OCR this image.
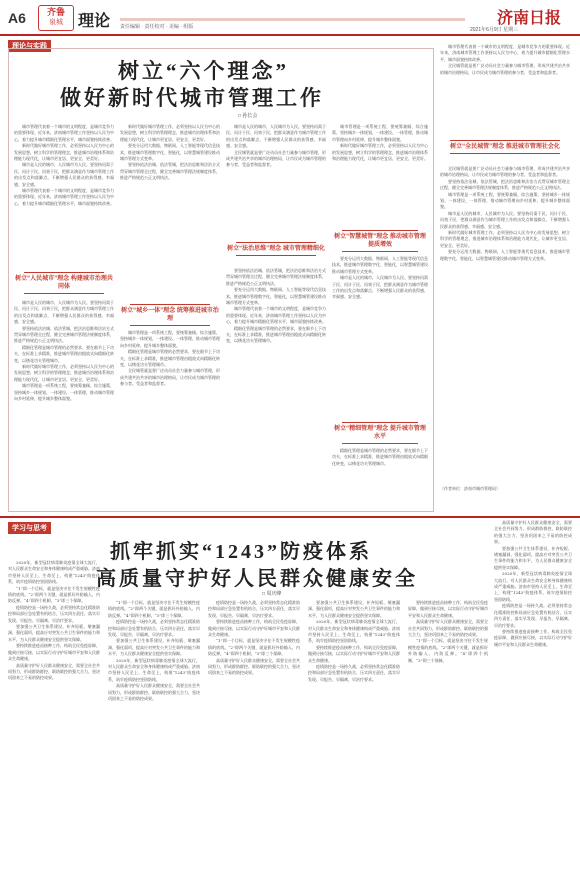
A6	齐鲁
泉城 理论 责任编辑 · 责任校对 · 美编 · 组版	济南日报
2021年6月9日 星期三
理论与实践
树立“六个理念”
做好新时代城市管理工作
□ 孙长会

城市管理代表着一个城市的文明程度，是城市竞争力的重要体现。近年来，济南城市管理工作坚持以人民为中心，着力提升城市精细化管理水平，城市面貌持续改善。

新时代做好城市管理工作，必须坚持以人民为中心的发展思想，树立科学的管理理念，推进城市治理体系和治理能力现代化，让城市更宜居、更安全、更美好。

城市是人民的城市，人民城市为人民。要坚持问需于民、问计于民、问效于民，把群众满意作为城市管理工作的出发点和落脚点，不断增强人民群众的获得感、幸福感、安全感。

城市管理代表着一个城市的文明程度，是城市竞争力的重要体现。近年来，济南城市管理工作坚持以人民为中心，着力提升城市精细化管理水平，城市面貌持续改善。

树立“人民城市”理念 构建城市治理共同体

城市是人民的城市，人民城市为人民。要坚持问需于民、问计于民、问效于民，把群众满意作为城市管理工作的出发点和落脚点，不断增强人民群众的获得感、幸福感、安全感。

要坚持依法治城、依法管城，把法治思维和法治方式贯穿城市管理全过程，健全完善城市管理法规制度体系，推进严格规范公正文明执法。

精细化管理是城市管理的必然要求，要在细节上下功夫，在标准上求精准，推进城市管理由粗放式向精细化转变，以绣花功夫管理城市。

新时代做好城市管理工作，必须坚持以人民为中心的发展思想，树立科学的管理理念，推进城市治理体系和治理能力现代化，让城市更宜居、更安全、更美好。

城市管理是一项系统工程，要统筹兼顾、综合施策，坚持城乡一体规划、一体建设、一体管理，推动城市管理向乡村延伸，提升城乡整体面貌。

新时代做好城市管理工作，必须坚持以人民为中心的发展思想，树立科学的管理理念，推进城市治理体系和治理能力现代化，让城市更宜居、更安全、更美好。

要充分运用大数据、物联网、人工智能等现代信息技术，推进城市管理数字化、智能化，以智慧城管建设推动城市管理方式变革。

要坚持依法治城、依法管城，把法治思维和法治方式贯穿城市管理全过程，健全完善城市管理法规制度体系，推进严格规范公正文明执法。

树立“城乡一体”理念 统筹推进城市治理

城市管理是一项系统工程，要统筹兼顾、综合施策，坚持城乡一体规划、一体建设、一体管理，推动城市管理向乡村延伸，提升城乡整体面貌。

精细化管理是城市管理的必然要求，要在细节上下功夫，在标准上求精准，推进城市管理由粗放式向精细化转变，以绣花功夫管理城市。

全民城管就是要广泛动员社会力量参与城市管理，形成共建共治共享的城市治理格局，让市民成为城市管理的参与者、受益者和监督者。

城市是人民的城市，人民城市为人民。要坚持问需于民、问计于民、问效于民，把群众满意作为城市管理工作的出发点和落脚点，不断增强人民群众的获得感、幸福感、安全感。

全民城管就是要广泛动员社会力量参与城市管理，形成共建共治共享的城市治理格局，让市民成为城市管理的参与者、受益者和监督者。

树立“法治思维”理念 城市管理精细化

要坚持依法治城、依法管城，把法治思维和法治方式贯穿城市管理全过程，健全完善城市管理法规制度体系，推进严格规范公正文明执法。

要充分运用大数据、物联网、人工智能等现代信息技术，推进城市管理数字化、智能化，以智慧城管建设推动城市管理方式变革。

城市管理代表着一个城市的文明程度，是城市竞争力的重要体现。近年来，济南城市管理工作坚持以人民为中心，着力提升城市精细化管理水平，城市面貌持续改善。

精细化管理是城市管理的必然要求，要在细节上下功夫，在标准上求精准，推进城市管理由粗放式向精细化转变，以绣花功夫管理城市。

城市管理是一项系统工程，要统筹兼顾、综合施策，坚持城乡一体规划、一体建设、一体管理，推动城市管理向乡村延伸，提升城乡整体面貌。

新时代做好城市管理工作，必须坚持以人民为中心的发展思想，树立科学的管理理念，推进城市治理体系和治理能力现代化，让城市更宜居、更安全、更美好。

树立“智慧城管”理念 推动城市管理提质增效

要充分运用大数据、物联网、人工智能等现代信息技术，推进城市管理数字化、智能化，以智慧城管建设推动城市管理方式变革。

城市是人民的城市，人民城市为人民。要坚持问需于民、问计于民、问效于民，把群众满意作为城市管理工作的出发点和落脚点，不断增强人民群众的获得感、幸福感、安全感。

树立“精细管理”理念 提升城市管理水平

精细化管理是城市管理的必然要求，要在细节上下功夫，在标准上求精准，推进城市管理由粗放式向精细化转变，以绣花功夫管理城市。

城市管理代表着一个城市的文明程度，是城市竞争力的重要体现。近年来，济南城市管理工作坚持以人民为中心，着力提升城市精细化管理水平，城市面貌持续改善。

全民城管就是要广泛动员社会力量参与城市管理，形成共建共治共享的城市治理格局，让市民成为城市管理的参与者、受益者和监督者。

树立“全民城管”理念 推进城市管理社会化

全民城管就是要广泛动员社会力量参与城市管理，形成共建共治共享的城市治理格局，让市民成为城市管理的参与者、受益者和监督者。

要坚持依法治城、依法管城，把法治思维和法治方式贯穿城市管理全过程，健全完善城市管理法规制度体系，推进严格规范公正文明执法。

城市管理是一项系统工程，要统筹兼顾、综合施策，坚持城乡一体规划、一体建设、一体管理，推动城市管理向乡村延伸，提升城乡整体面貌。

城市是人民的城市，人民城市为人民。要坚持问需于民、问计于民、问效于民，把群众满意作为城市管理工作的出发点和落脚点，不断增强人民群众的获得感、幸福感、安全感。

新时代做好城市管理工作，必须坚持以人民为中心的发展思想，树立科学的管理理念，推进城市治理体系和治理能力现代化，让城市更宜居、更安全、更美好。

要充分运用大数据、物联网、人工智能等现代信息技术，推进城市管理数字化、智能化，以智慧城管建设推动城市管理方式变革。

（作者单位：济南市城市管理局）
学习与思考
抓牢抓实“1243”防疫体系
高质量守护好人民群众健康安全
□ 周庆峰

2020年，新型冠状病毒肺炎疫情全球大流行，对人民群众生命安全和身体健康构成严重威胁。济南市坚持人民至上、生命至上，构建“1243”防疫体系，筑牢疫情防控坚固防线。

“1”即一个目标，就是坚决守住不发生规模性疫情的底线。“2”即两个关键，就是抓好外防输入、内防反弹。“4”即四个机制，“3”即三个保障。

疫情防控是一场持久战，必须坚持常态化精准防控和局部应急处置有机结合，压实四方责任，落实早发现、早报告、早隔离、早治疗要求。

要加强公共卫生体系建设，补齐短板、堵塞漏洞、强化弱项，提高应对突发公共卫生事件的能力和水平，为人民群众健康安全提供坚实保障。

要持续推进疫苗接种工作，构筑全民免疫屏障，做到应接尽接，以实际行动守护好城市平安和人民群众生命健康。

高质量守护好人民群众健康安全，需要全社会共同努力，形成群防群控、联防联控的强大合力，坚决巩固来之不易的防控成果。

“1”即一个目标，就是坚决守住不发生规模性疫情的底线。“2”即两个关键，就是抓好外防输入、内防反弹。“4”即四个机制，“3”即三个保障。

疫情防控是一场持久战，必须坚持常态化精准防控和局部应急处置有机结合，压实四方责任，落实早发现、早报告、早隔离、早治疗要求。

要加强公共卫生体系建设，补齐短板、堵塞漏洞、强化弱项，提高应对突发公共卫生事件的能力和水平，为人民群众健康安全提供坚实保障。

2020年，新型冠状病毒肺炎疫情全球大流行，对人民群众生命安全和身体健康构成严重威胁。济南市坚持人民至上、生命至上，构建“1243”防疫体系，筑牢疫情防控坚固防线。

高质量守护好人民群众健康安全，需要全社会共同努力，形成群防群控、联防联控的强大合力，坚决巩固来之不易的防控成果。

疫情防控是一场持久战，必须坚持常态化精准防控和局部应急处置有机结合，压实四方责任，落实早发现、早报告、早隔离、早治疗要求。

要持续推进疫苗接种工作，构筑全民免疫屏障，做到应接尽接，以实际行动守护好城市平安和人民群众生命健康。

“1”即一个目标，就是坚决守住不发生规模性疫情的底线。“2”即两个关键，就是抓好外防输入、内防反弹。“4”即四个机制，“3”即三个保障。

高质量守护好人民群众健康安全，需要全社会共同努力，形成群防群控、联防联控的强大合力，坚决巩固来之不易的防控成果。

要加强公共卫生体系建设，补齐短板、堵塞漏洞、强化弱项，提高应对突发公共卫生事件的能力和水平，为人民群众健康安全提供坚实保障。

2020年，新型冠状病毒肺炎疫情全球大流行，对人民群众生命安全和身体健康构成严重威胁。济南市坚持人民至上、生命至上，构建“1243”防疫体系，筑牢疫情防控坚固防线。

要持续推进疫苗接种工作，构筑全民免疫屏障，做到应接尽接，以实际行动守护好城市平安和人民群众生命健康。

疫情防控是一场持久战，必须坚持常态化精准防控和局部应急处置有机结合，压实四方责任，落实早发现、早报告、早隔离、早治疗要求。

要持续推进疫苗接种工作，构筑全民免疫屏障，做到应接尽接，以实际行动守护好城市平安和人民群众生命健康。

高质量守护好人民群众健康安全，需要全社会共同努力，形成群防群控、联防联控的强大合力，坚决巩固来之不易的防控成果。

“1”即一个目标，就是坚决守住不发生规模性疫情的底线。“2”即两个关键，就是抓好外防输入、内防反弹。“4”即四个机制，“3”即三个保障。

高质量守护好人民群众健康安全，需要全社会共同努力，形成群防群控、联防联控的强大合力，坚决巩固来之不易的防控成果。

要加强公共卫生体系建设，补齐短板、堵塞漏洞、强化弱项，提高应对突发公共卫生事件的能力和水平，为人民群众健康安全提供坚实保障。

2020年，新型冠状病毒肺炎疫情全球大流行，对人民群众生命安全和身体健康构成严重威胁。济南市坚持人民至上、生命至上，构建“1243”防疫体系，筑牢疫情防控坚固防线。

疫情防控是一场持久战，必须坚持常态化精准防控和局部应急处置有机结合，压实四方责任，落实早发现、早报告、早隔离、早治疗要求。

要持续推进疫苗接种工作，构筑全民免疫屏障，做到应接尽接，以实际行动守护好城市平安和人民群众生命健康。
